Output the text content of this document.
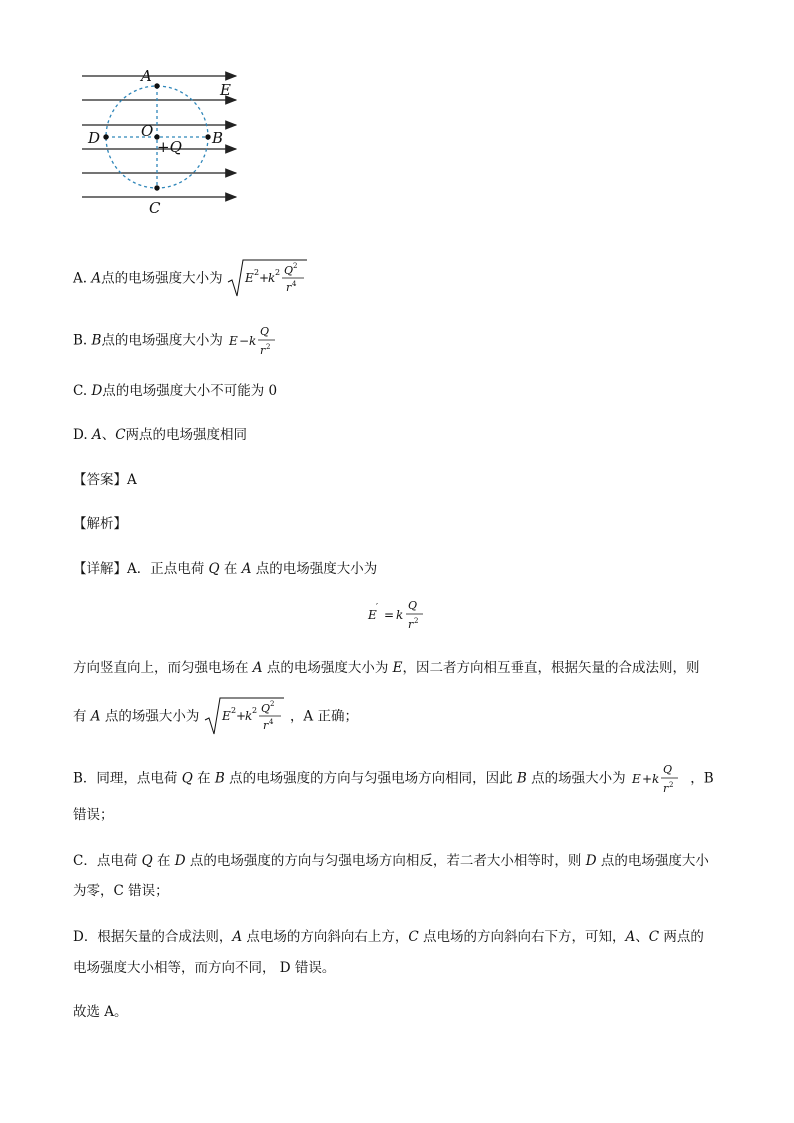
A
E
D	O	B
+Q
C
A. A点的电场强度大小为 E 2 +
k 2 Q 2
r 4
B. B点的电场强度大小为 E − k
Q
r 2
C. D点的电场强度大小不可能为 0
D. A、C两点的电场强度相同
【答案】A
【解析】
【详解】A．正点电荷 Q 在 A 点的电场强度大小为
E ′ = k
Q
r 2
方向竖直向上，而匀强电场在 A 点的电场强度大小为 E，因二者方向相互垂直，根据矢量的合成法则，则
有 A 点的场强大小为 E 2 +
k 2 Q 2
r 4 ，A 正确；
B．同理，点电荷 Q 在 B 点的电场强度的方向与匀强电场方向相同，因此 B 点的场强大小为 E + k
Q
r 2 ，B
错误；
C．点电荷 Q 在 D 点的电场强度的方向与匀强电场方向相反，若二者大小相等时，则 D 点的电场强度大小
为零，C 错误；
D．根据矢量的合成法则，A 点电场的方向斜向右上方，C 点电场的方向斜向右下方，可知，A、C 两点的
电场强度大小相等，而方向不同， D 错误。
故选 A。
